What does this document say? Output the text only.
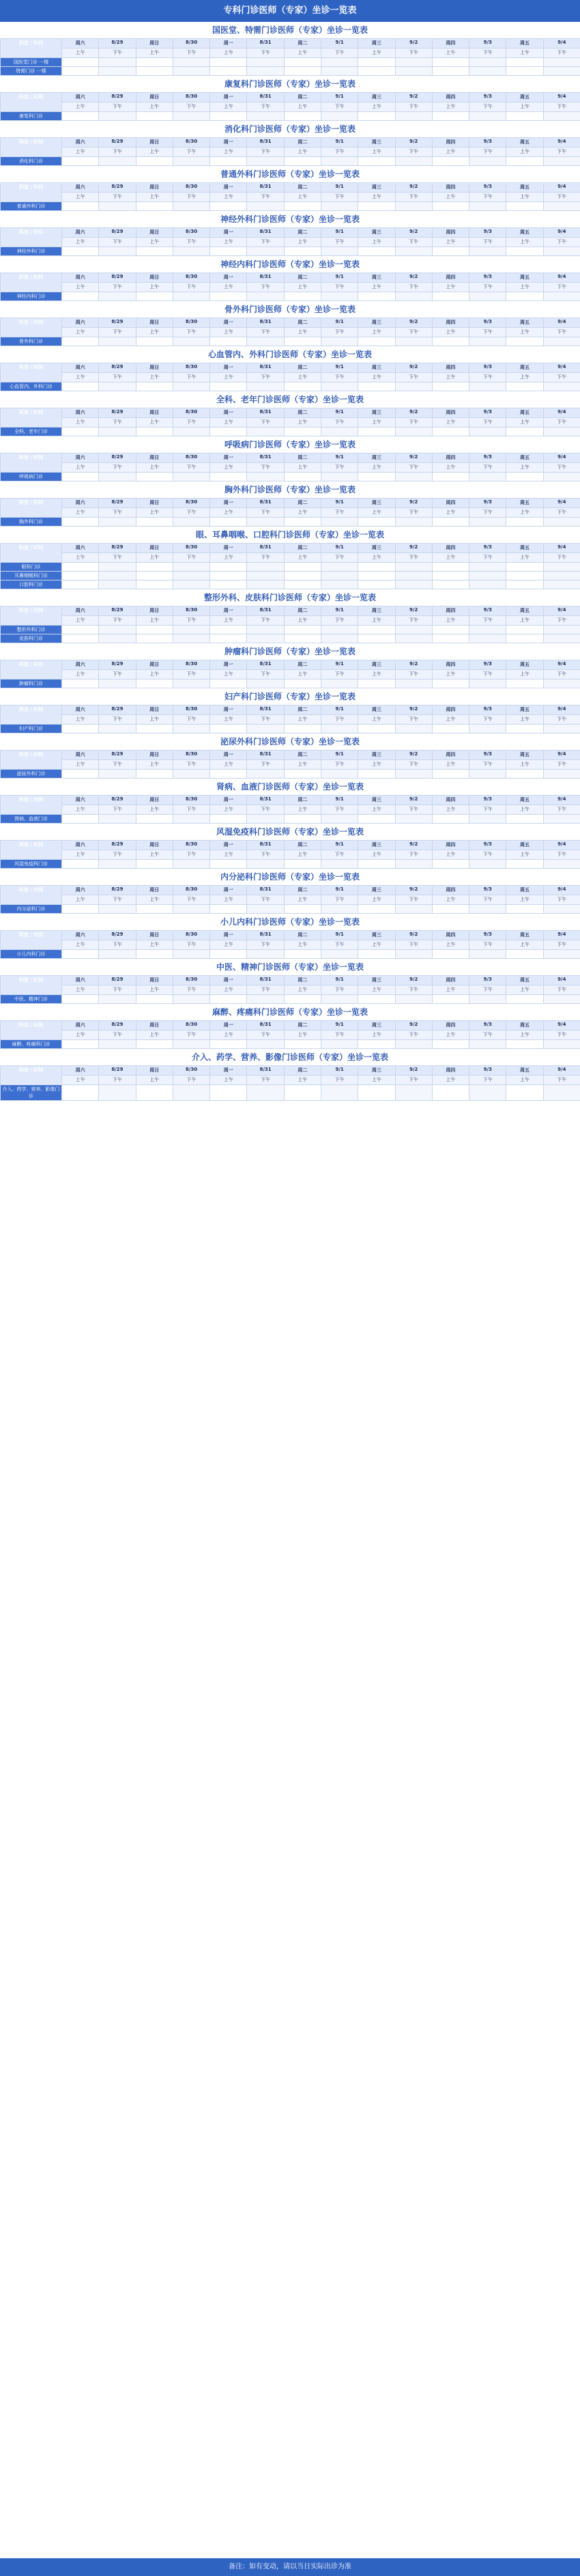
专科门诊医师（专家）坐诊一览表
国医堂、特需门诊医师（专家）坐诊一览表
科室 / 时间	周六	8/29	周日	8/30	周一	8/31	周二	9/1	周三	9/2	周四	9/3	周五	9/4
	上午	下午	上午	下午	上午	下午	上午	下午	上午	下午	上午	下午	上午	下午
国医堂门诊 一楼	

特需门诊 一楼	

康复科门诊医师（专家）坐诊一览表
科室 / 时间	周六	8/29	周日	8/30	周一	8/31	周二	9/1	周三	9/2	周四	9/3	周五	9/4
	上午	下午	上午	下午	上午	下午	上午	下午	上午	下午	上午	下午	上午	下午
康复科门诊	

消化科门诊医师（专家）坐诊一览表
科室 / 时间	周六	8/29	周日	8/30	周一	8/31	周二	9/1	周三	9/2	周四	9/3	周五	9/4
	上午	下午	上午	下午	上午	下午	上午	下午	上午	下午	上午	下午	上午	下午
消化科门诊	

普通外科门诊医师（专家）坐诊一览表
科室 / 时间	周六	8/29	周日	8/30	周一	8/31	周二	9/1	周三	9/2	周四	9/3	周五	9/4
	上午	下午	上午	下午	上午	下午	上午	下午	上午	下午	上午	下午	上午	下午
普通外科门诊	

神经外科门诊医师（专家）坐诊一览表
科室 / 时间	周六	8/29	周日	8/30	周一	8/31	周二	9/1	周三	9/2	周四	9/3	周五	9/4
	上午	下午	上午	下午	上午	下午	上午	下午	上午	下午	上午	下午	上午	下午
神经外科门诊	

神经内科门诊医师（专家）坐诊一览表
科室 / 时间	周六	8/29	周日	8/30	周一	8/31	周二	9/1	周三	9/2	周四	9/3	周五	9/4
	上午	下午	上午	下午	上午	下午	上午	下午	上午	下午	上午	下午	上午	下午
神经内科门诊	

骨外科门诊医师（专家）坐诊一览表
科室 / 时间	周六	8/29	周日	8/30	周一	8/31	周二	9/1	周三	9/2	周四	9/3	周五	9/4
	上午	下午	上午	下午	上午	下午	上午	下午	上午	下午	上午	下午	上午	下午
骨外科门诊	

心血管内、外科门诊医师（专家）坐诊一览表
科室 / 时间	周六	8/29	周日	8/30	周一	8/31	周二	9/1	周三	9/2	周四	9/3	周五	9/4
	上午	下午	上午	下午	上午	下午	上午	下午	上午	下午	上午	下午	上午	下午
心血管内、外科门诊	

全科、老年门诊医师（专家）坐诊一览表
科室 / 时间	周六	8/29	周日	8/30	周一	8/31	周二	9/1	周三	9/2	周四	9/3	周五	9/4
	上午	下午	上午	下午	上午	下午	上午	下午	上午	下午	上午	下午	上午	下午
全科、老年门诊	

呼吸病门诊医师（专家）坐诊一览表
科室 / 时间	周六	8/29	周日	8/30	周一	8/31	周二	9/1	周三	9/2	周四	9/3	周五	9/4
	上午	下午	上午	下午	上午	下午	上午	下午	上午	下午	上午	下午	上午	下午
呼吸病门诊	

胸外科门诊医师（专家）坐诊一览表
科室 / 时间	周六	8/29	周日	8/30	周一	8/31	周二	9/1	周三	9/2	周四	9/3	周五	9/4
	上午	下午	上午	下午	上午	下午	上午	下午	上午	下午	上午	下午	上午	下午
胸外科门诊	

眼、耳鼻咽喉、口腔科门诊医师（专家）坐诊一览表
科室 / 时间	周六	8/29	周日	8/30	周一	8/31	周二	9/1	周三	9/2	周四	9/3	周五	9/4
	上午	下午	上午	下午	上午	下午	上午	下午	上午	下午	上午	下午	上午	下午
眼科门诊	

耳鼻咽喉科门诊	

口腔科门诊	

整形外科、皮肤科门诊医师（专家）坐诊一览表
科室 / 时间	周六	8/29	周日	8/30	周一	8/31	周二	9/1	周三	9/2	周四	9/3	周五	9/4
	上午	下午	上午	下午	上午	下午	上午	下午	上午	下午	上午	下午	上午	下午
整形外科门诊	

皮肤科门诊	

肿瘤科门诊医师（专家）坐诊一览表
科室 / 时间	周六	8/29	周日	8/30	周一	8/31	周二	9/1	周三	9/2	周四	9/3	周五	9/4
	上午	下午	上午	下午	上午	下午	上午	下午	上午	下午	上午	下午	上午	下午
肿瘤科门诊	

妇产科门诊医师（专家）坐诊一览表
科室 / 时间	周六	8/29	周日	8/30	周一	8/31	周二	9/1	周三	9/2	周四	9/3	周五	9/4
	上午	下午	上午	下午	上午	下午	上午	下午	上午	下午	上午	下午	上午	下午
妇产科门诊	

泌尿外科门诊医师（专家）坐诊一览表
科室 / 时间	周六	8/29	周日	8/30	周一	8/31	周二	9/1	周三	9/2	周四	9/3	周五	9/4
	上午	下午	上午	下午	上午	下午	上午	下午	上午	下午	上午	下午	上午	下午
泌尿外科门诊	

肾病、血液门诊医师（专家）坐诊一览表
科室 / 时间	周六	8/29	周日	8/30	周一	8/31	周二	9/1	周三	9/2	周四	9/3	周五	9/4
	上午	下午	上午	下午	上午	下午	上午	下午	上午	下午	上午	下午	上午	下午
肾病、血液门诊	

风湿免疫科门诊医师（专家）坐诊一览表
科室 / 时间	周六	8/29	周日	8/30	周一	8/31	周二	9/1	周三	9/2	周四	9/3	周五	9/4
	上午	下午	上午	下午	上午	下午	上午	下午	上午	下午	上午	下午	上午	下午
风湿免疫科门诊	

内分泌科门诊医师（专家）坐诊一览表
科室 / 时间	周六	8/29	周日	8/30	周一	8/31	周二	9/1	周三	9/2	周四	9/3	周五	9/4
	上午	下午	上午	下午	上午	下午	上午	下午	上午	下午	上午	下午	上午	下午
内分泌科门诊	

小儿内科门诊医师（专家）坐诊一览表
科室 / 时间	周六	8/29	周日	8/30	周一	8/31	周二	9/1	周三	9/2	周四	9/3	周五	9/4
	上午	下午	上午	下午	上午	下午	上午	下午	上午	下午	上午	下午	上午	下午
小儿内科门诊	

中医、精神门诊医师（专家）坐诊一览表
科室 / 时间	周六	8/29	周日	8/30	周一	8/31	周二	9/1	周三	9/2	周四	9/3	周五	9/4
	上午	下午	上午	下午	上午	下午	上午	下午	上午	下午	上午	下午	上午	下午
中医、精神门诊	

麻醉、疼痛科门诊医师（专家）坐诊一览表
科室 / 时间	周六	8/29	周日	8/30	周一	8/31	周二	9/1	周三	9/2	周四	9/3	周五	9/4
	上午	下午	上午	下午	上午	下午	上午	下午	上午	下午	上午	下午	上午	下午
麻醉、疼痛科门诊	

介入、药学、营养、影像门诊医师（专家）坐诊一览表
科室 / 时间	周六	8/29	周日	8/30	周一	8/31	周二	9/1	周三	9/2	周四	9/3	周五	9/4
	上午	下午	上午	下午	上午	下午	上午	下午	上午	下午	上午	下午	上午	下午
介入、药学、营养、影像门诊	

备注：如有变动，请以当日实际出诊为准
